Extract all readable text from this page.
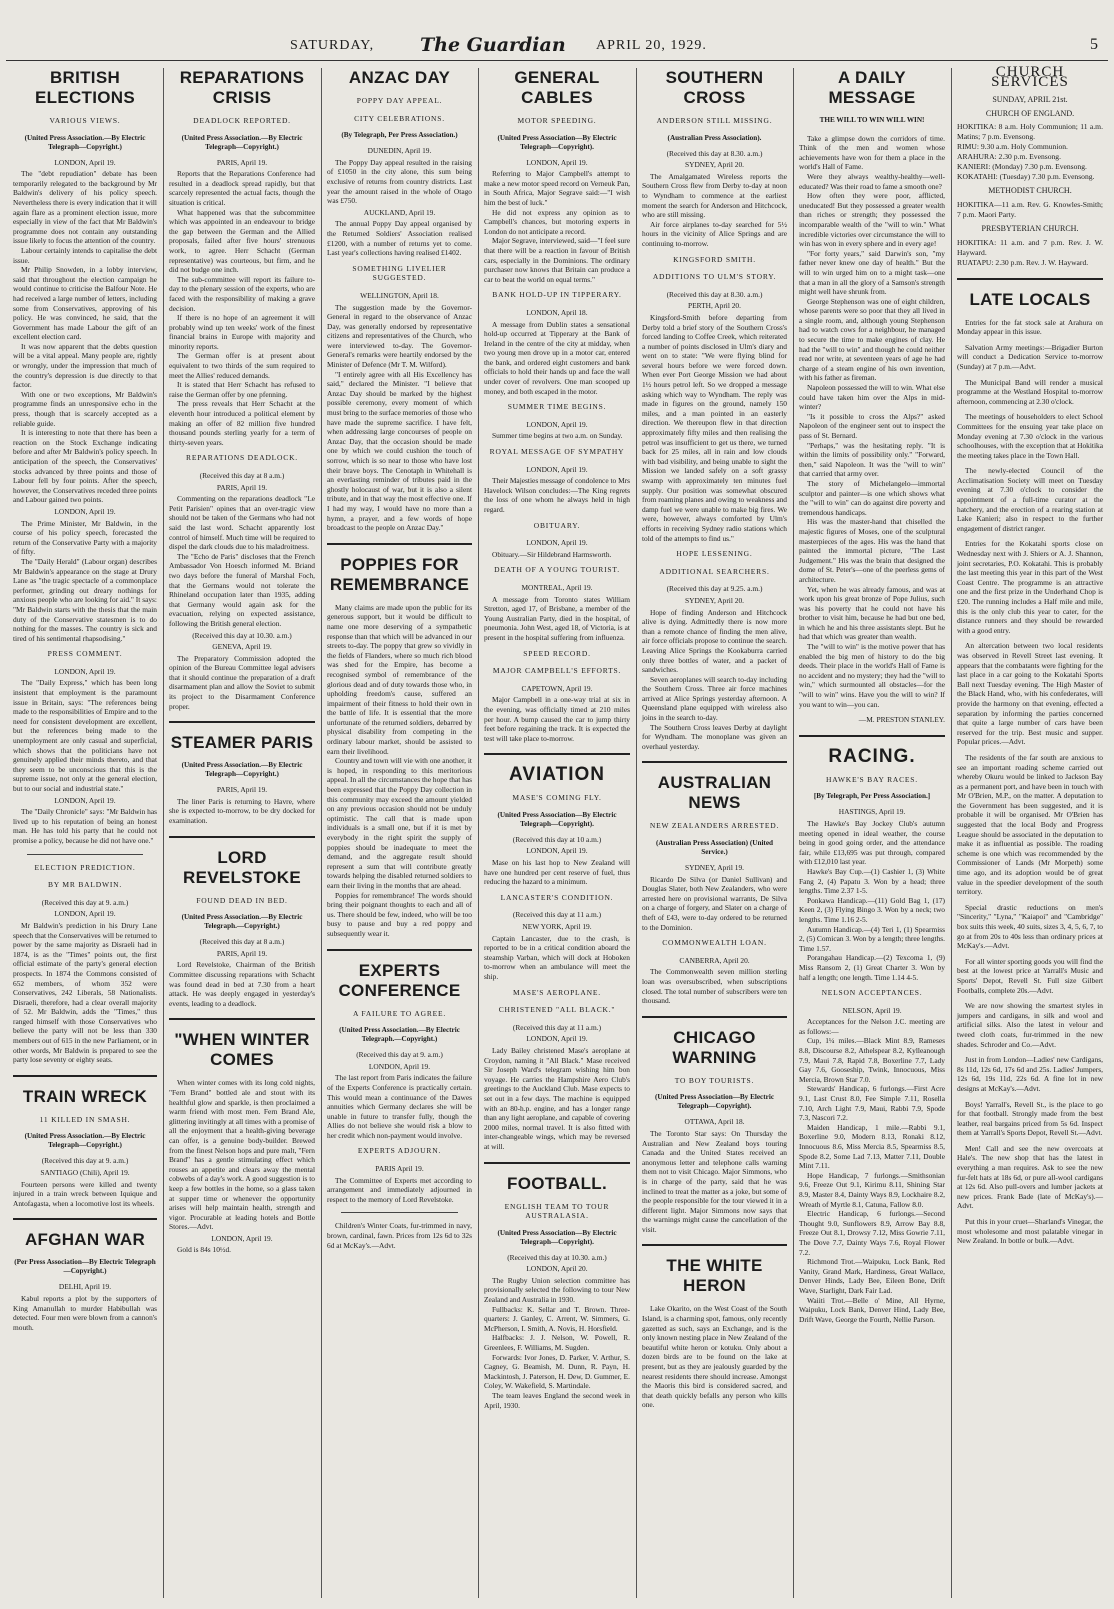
SATURDAY, The Guardian APRIL 20, 1929.	5
BRITISH ELECTIONS
VARIOUS VIEWS.
(United Press Association.—By Electric Telegraph—Copyright.)
LONDON, April 19.

The "debt repudiation" debate has been temporarily relegated to the background by Mr Baldwin's delivery of his policy speech. Nevertheless there is every indication that it will again flare as a prominent election issue, more especially in view of the fact that Mr Baldwin's programme does not contain any outstanding issue likely to focus the attention of the country.

Labour certainly intends to capitalise the debt issue.

Mr Philip Snowden, in a lobby interview, said that throughout the election campaign he would continue to criticise the Balfour Note. He had received a large number of letters, including some from Conservatives, approving of his policy. He was convinced, he said, that the Government has made Labour the gift of an excellent election card.

It was now apparent that the debts question will be a vital appeal. Many people are, rightly or wrongly, under the impression that much of the country's depression is due directly to that factor.

With one or two exceptions, Mr Baldwin's programme finds an unresponsive echo in the press, though that is scarcely accepted as a reliable guide.

It is interesting to note that there has been a reaction on the Stock Exchange indicating before and after Mr Baldwin's policy speech. In anticipation of the speech, the Conservatives' stocks advanced by three points and those of Labour fell by four points. After the speech, however, the Conservatives receded three points and Labour gained two points.

LONDON, April 19.

The Prime Minister, Mr Baldwin, in the course of his policy speech, forecasted the return of the Conservative Party with a majority of fifty.

The "Daily Herald" (Labour organ) describes Mr Baldwin's appearance on the stage at Drury Lane as "the tragic spectacle of a commonplace performer, grinding out dreary nothings for anxious people who are looking for aid." It says: "Mr Baldwin starts with the thesis that the main duty of the Conservative statesmen is to do nothing for the masses. The country is sick and tired of his sentimental rhapsodising."

PRESS COMMENT.
LONDON, April 19.

The "Daily Express," which has been long insistent that employment is the paramount issue in Britain, says: "The references being made to the responsibilities of Empire and to the need for consistent development are excellent, but the references being made to the unemployment are only casual and superficial, which shows that the politicians have not genuinely applied their minds thereto, and that they seem to be unconscious that this is the supreme issue, not only at the general election, but to our social and industrial state."

LONDON, April 19.

The "Daily Chronicle" says: "Mr Baldwin has lived up to his reputation of being an honest man. He has told his party that he could not promise a policy, because he did not have one."

ELECTION PREDICTION.
BY MR BALDWIN.
(Received this day at 9. a.m.)
LONDON, April 19.

Mr Baldwin's prediction in his Drury Lane speech that the Conservatives will be returned to power by the same majority as Disraeli had in 1874, is as the "Times" points out, the first official estimate of the party's general election prospects. In 1874 the Commons consisted of 652 members, of whom 352 were Conservatives, 242 Liberals, 58 Nationalists. Disraeli, therefore, had a clear overall majority of 52. Mr Baldwin, adds the "Times," thus ranged himself with those Conservatives who believe the party will not be less than 330 members out of 615 in the new Parliament, or in other words, Mr Baldwin is prepared to see the party lose seventy or eighty seats.

TRAIN WRECK
11 KILLED IN SMASH.
(United Press Association.—By Electric Telegraph—Copyright.)
(Received this day at 9. a.m.)
SANTIAGO (Chili), April 19.

Fourteen persons were killed and twenty injured in a train wreck between Iquique and Antofagasta, when a locomotive lost its wheels.

AFGHAN WAR
(Per Press Association—By Electric Telegraph—Copyright.)
DELHI, April 19.

Kabul reports a plot by the supporters of King Amanullah to murder Habibullah was detected. Four men were blown from a cannon's mouth.

REPARATIONS CRISIS
DEADLOCK REPORTED.
(United Press Association.—By Electric Telegraph—Copyright.)
PARIS, April 19.

Reports that the Reparations Conference had resulted in a deadlock spread rapidly, but that scarcely represented the actual facts, though the situation is critical.

What happened was that the subcommittee which was appointed in an endeavour to bridge the gap between the German and the Allied proposals, failed after five hours' strenuous work, to agree. Herr Schacht (German representative) was courteous, but firm, and he did not budge one inch.

The sub-committee will report its failure to-day to the plenary session of the experts, who are faced with the responsibility of making a grave decision.

If there is no hope of an agreement it will probably wind up ten weeks' work of the finest financial brains in Europe with majority and minority reports.

The German offer is at present about equivalent to two thirds of the sum required to meet the Allies' reduced demands.

It is stated that Herr Schacht has refused to raise the German offer by one pfenning.

The press reveals that Herr Schacht at the eleventh hour introduced a political element by making an offer of 82 million five hundred thousand pounds sterling yearly for a term of thirty-seven years.

REPARATIONS DEADLOCK.
(Received this day at 8 a.m.)
PARIS, April 19.

Commenting on the reparations deadlock "Le Petit Parisien" opines that an over-tragic view should not be taken of the Germans who had not said the last word. Schacht apparently lost control of himself. Much time will be required to dispel the dark clouds due to his maladroitness.

The "Echo de Paris" discloses that the French Ambassador Von Hoesch informed M. Briand two days before the funeral of Marshal Foch, that the Germans would not tolerate the Rhineland occupation later than 1935, adding that Germany would again ask for the evacuation, relying on expected assistance, following the British general election.

(Received this day at 10.30. a.m.)
GENEVA, April 19.

The Preparatory Commission adopted the opinion of the Bureau Committee legal advisers that it should continue the preparation of a draft disarmament plan and allow the Soviet to submit its project to the Disarmament Conference proper.

STEAMER PARIS
(United Press Association.—By Electric Telegraph—Copyright.)
PARIS, April 19.

The liner Paris is returning to Havre, where she is expected to-morrow, to be dry docked for examination.

LORD REVELSTOKE
FOUND DEAD IN BED.
(United Press Association.—By Electric Telegraph.—Copyright.)
(Received this day at 8 a.m.)
PARIS, April 19.

Lord Revelstoke, Chairman of the British Committee discussing reparations with Schacht was found dead in bed at 7.30 from a heart attack. He was deeply engaged in yesterday's events, leading to a deadlock.

"WHEN WINTER COMES

When winter comes with its long cold nights, "Fern Brand" bottled ale and stout with its healthful glow and sparkle, is then proclaimed a warm friend with most men. Fern Brand Ale, glittering invitingly at all times with a promise of all the enjoyment that a health-giving beverage can offer, is a genuine body-builder. Brewed from the finest Nelson hops and pure malt, "Fern Brand" has a gentle stimulating effect which rouses an appetite and clears away the mental cobwebs of a day's work. A good suggestion is to keep a few bottles in the home, so a glass taken at supper time or whenever the opportunity arises will help maintain health, strength and vigor. Procurable at leading hotels and Bottle Stores.—Advt.

LONDON, April 19.

Gold is 84s 10½d.

ANZAC DAY
POPPY DAY APPEAL.
CITY CELEBRATIONS.
(By Telegraph, Per Press Association.)
DUNEDIN, April 19.

The Poppy Day appeal resulted in the raising of £1050 in the city alone, this sum being exclusive of returns from country districts. Last year the amount raised in the whole of Otago was £750.

AUCKLAND, April 19.

The annual Poppy Day appeal organised by the Returned Soldiers' Association realised £1200, with a number of returns yet to come. Last year's collections having realised £1402.

SOMETHING LIVELIER SUGGESTED.
WELLINGTON, April 18.

The suggestion made by the Governor-General in regard to the observance of Anzac Day, was generally endorsed by representative citizens and representatives of the Church, who were interviewed to-day. The Governor-General's remarks were heartily endorsed by the Minister of Defence (Mr T. M. Wilford).

"I entirely agree with all His Excellency has said," declared the Minister. "I believe that Anzac Day should be marked by the highest possible ceremony, every moment of which must bring to the surface memories of those who have made the supreme sacrifice. I have felt, when addressing large concourses of people on Anzac Day, that the occasion should be made one by which we could cushion the touch of sorrow, which is so near to those who have lost their brave boys. The Cenotaph in Whitehall is an everlasting reminder of tributes paid in the ghostly holocaust of war, but it is also a silent tribute, and in that way the most effective one. If I had my way, I would have no more than a hymn, a prayer, and a few words of hope broadcast to the people on Anzac Day."

POPPIES FOR REMEMBRANCE

Many claims are made upon the public for its generous support, but it would be difficult to name one more deserving of a sympathetic response than that which will be advanced in our streets to-day. The poppy that grew so vividly in the fields of Flanders, where so much rich blood was shed for the Empire, has become a recognised symbol of remembrance of the glorious dead and of duty towards those who, in upholding freedom's cause, suffered an impairment of their fitness to hold their own in the battle of life. It is essential that the more unfortunate of the returned soldiers, debarred by physical disability from competing in the ordinary labour market, should be assisted to earn their livelihood.

Country and town will vie with one another, it is hoped, in responding to this meritorious appeal. In all the circumstances the hope that has been expressed that the Poppy Day collection in this community may exceed the amount yielded on any previous occasion should not be unduly optimistic. The call that is made upon individuals is a small one, but if it is met by everybody in the right spirit the supply of poppies should be inadequate to meet the demand, and the aggregate result should represent a sum that will contribute greatly towards helping the disabled returned soldiers to earn their living in the months that are ahead.

Poppies for remembrance! The words should bring their poignant thoughts to each and all of us. There should be few, indeed, who will be too busy to pause and buy a red poppy and subsequently wear it.

EXPERTS CONFERENCE
A FAILURE TO AGREE.
(United Press Association.—By Electric Telegraph.—Copyright.)
(Received this day at 9. a.m.)
LONDON, April 19.

The last report from Paris indicates the failure of the Experts Conference is practically certain. This would mean a continuance of the Dawes annuities which Germany declares she will be unable in future to transfer fully, though the Allies do not believe she would risk a blow to her credit which non-payment would involve.

EXPERTS ADJOURN.
PARIS April 19.

The Committee of Experts met according to arrangement and immediately adjourned in respect to the memory of Lord Revelstoke.

Children's Winter Coats, fur-trimmed in navy, brown, cardinal, fawn. Prices from 12s 6d to 32s 6d at McKay's.—Advt.

GENERAL CABLES
MOTOR SPEEDING.
(United Press Association—By Electric Telegraph—Copyright).
LONDON, April 19.

Referring to Major Campbell's attempt to make a new motor speed record on Verneuk Pan, in South Africa, Major Segrave said:—"I wish him the best of luck."

He did not express any opinion as to Campbell's chances, but motoring experts in London do not anticipate a record.

Major Segrave, interviewed, said—"I feel sure that there will be a reaction in favour of British cars, especially in the Dominions. The ordinary purchaser now knows that Britain can produce a car to beat the world on equal terms."

BANK HOLD-UP IN TIPPERARY.
LONDON, April 18.

A message from Dublin states a sensational hold-up occurred at Tipperary at the Bank of Ireland in the centre of the city at midday, when two young men drove up in a motor car, entered the bank, and ordered eight customers and bank officials to hold their hands up and face the wall under cover of revolvers. One man scooped up money, and both escaped in the motor.

SUMMER TIME BEGINS.
LONDON, April 19.

Summer time begins at two a.m. on Sunday.

ROYAL MESSAGE OF SYMPATHY
LONDON, April 19.

Their Majesties message of condolence to Mrs Havelock Wilson concludes:—The King regrets the loss of one whom he always held in high regard.

OBITUARY.
LONDON, April 19.

Obituary.—Sir Hildebrand Harmsworth.

DEATH OF A YOUNG TOURIST.
MONTREAL, April 19.

A message from Toronto states William Stretton, aged 17, of Brisbane, a member of the Young Australian Party, died in the hospital, of pneumonia. John West, aged 18, of Victoria, is at present in the hospital suffering from influenza.

SPEED RECORD.
MAJOR CAMPBELL'S EFFORTS.
CAPETOWN, April 19.

Major Campbell in a one-way trial at six in the evening, was officially timed at 210 miles per hour. A bump caused the car to jump thirty feet before regaining the track. It is expected the test will take place to-morrow.

AVIATION
MASE'S COMING FLY.
(United Press Association—By Electric Telegraph—Copyright).
(Received this day at 10 a.m.)
LONDON, April 19.

Mase on his last hop to New Zealand will have one hundred per cent reserve of fuel, thus reducing the hazard to a minimum.

LANCASTER'S CONDITION.
(Received this day at 11 a.m.)
NEW YORK, April 19.

Captain Lancaster, due to the crash, is reported to be in a critical condition aboard the steamship Varban, which will dock at Hoboken to-morrow when an ambulance will meet the ship.

MASE'S AEROPLANE.
CHRISTENED "ALL BLACK."
(Received this day at 11 a.m.)
LONDON, April 19.

Lady Bailey christened Mase's aeroplane at Croydon, naming it "All Black." Mase received Sir Joseph Ward's telegram wishing him bon voyage. He carries the Hampshire Aero Club's greetings to the Auckland Club. Mase expects to set out in a few days. The machine is equipped with an 80-h.p. engine, and has a longer range than any light aeroplane, and capable of covering 2000 miles, normal travel. It is also fitted with inter-changeable wings, which may be reversed at will.

FOOTBALL.
ENGLISH TEAM TO TOUR AUSTRALASIA.
(United Press Association—By Electric Telegraph—Copyright).
(Received this day at 10.30. a.m.)
LONDON, April 20.

The Rugby Union selection committee has provisionally selected the following to tour New Zealand and Australia in 1930.

Fullbacks: K. Sellar and T. Brown. Three-quarters: J. Ganley, C. Arrent, W. Simmers, G. McPherson, I. Smith, A. Novis, H. Horsfield.

Halfbacks: J. J. Nelson, W. Powell, R. Greenlees, F. Williams, M. Sugden.

Forwards: Ivor Jones, D. Parker, V. Arthur, S. Cagney, G. Beamish, M. Dunn, R. Payn, H. Mackintosh, J. Paterson, H. Dew, D. Gummer, E. Coley, W. Wakefield, S. Martindale.

The team leaves England the second week in April, 1930.

SOUTHERN CROSS
ANDERSON STILL MISSING.
(Australian Press Association).
(Received this day at 8.30. a.m.)
SYDNEY, April 20.

The Amalgamated Wireless reports the Southern Cross flew from Derby to-day at noon to Wyndham to commence at the earliest moment the search for Anderson and Hitchcock, who are still missing.

Air force airplanes to-day searched for 5½ hours in the vicinity of Alice Springs and are continuing to-morrow.

KINGSFORD SMITH.
ADDITIONS TO ULM'S STORY.
(Received this day at 8.30. a.m.)
PERTH, April 20.

Kingsford-Smith before departing from Derby told a brief story of the Southern Cross's forced landing to Coffee Creek, which reiterated a number of points disclosed in Ulm's diary and went on to state: "We were flying blind for several hours before we were forced down. When ever Port George Mission we had about 1½ hours petrol left. So we dropped a message asking which way to Wyndham. The reply was made in figures on the ground, namely 150 miles, and a man pointed in an easterly direction. We thereupon flew in that direction approximately fifty miles and then realising the petrol was insufficient to get us there, we turned back for 25 miles, all in rain and low clouds with bad visibility, and being unable to sight the Mission we landed safely on a soft grassy swamp with approximately ten minutes fuel supply. Our position was somewhat obscured from roaming planes and owing to weakness and damp fuel we were unable to make big fires. We were, however, always comforted by Ulm's efforts in receiving Sydney radio stations which told of the attempts to find us."

HOPE LESSENING.
ADDITIONAL SEARCHERS.
(Received this day at 9.25. a.m.)
SYDNEY, April 20.

Hope of finding Anderson and Hitchcock alive is dying. Admittedly there is now more than a remote chance of finding the men alive, air force officials propose to continue the search. Leaving Alice Springs the Kookaburra carried only three bottles of water, and a packet of sandwiches.

Seven aeroplanes will search to-day including the Southern Cross. Three air force machines arrived at Alice Springs yesterday afternoon. A Queensland plane equipped with wireless also joins in the search to-day.

The Southern Cross leaves Derby at daylight for Wyndham. The monoplane was given an overhaul yesterday.

AUSTRALIAN NEWS
NEW ZEALANDERS ARRESTED.
(Australian Press Association) (United Service.)
SYDNEY, April 19.

Ricardo De Silva (or Daniel Sullivan) and Douglas Slater, both New Zealanders, who were arrested here on provisional warrants, De Silva on a charge of forgery, and Slater on a charge of theft of £43, were to-day ordered to be returned to the Dominion.

COMMONWEALTH LOAN.
CANBERRA, April 20.

The Commonwealth seven million sterling loan was oversubscribed, when subscriptions closed. The total number of subscribers were ten thousand.

CHICAGO WARNING
TO BOY TOURISTS.
(United Press Association—By Electric Telegraph—Copyright).
OTTAWA, April 18.

The Toronto Star says: On Thursday the Australian and New Zealand boys touring Canada and the United States received an anonymous letter and telephone calls warning them not to visit Chicago. Major Simmons, who is in charge of the party, said that he was inclined to treat the matter as a joke, but some of the people responsible for the tour viewed it in a different light. Major Simmons now says that the warnings might cause the cancellation of the visit.

THE WHITE HERON

Lake Okarito, on the West Coast of the South Island, is a charming spot, famous, only recently gazetted as such, says an Exchange, and is the only known nesting place in New Zealand of the beautiful white heron or kotuku. Only about a dozen birds are to be found on the lake at present, but as they are jealously guarded by the nearest residents there should increase. Amongst the Maoris this bird is considered sacred, and that death quickly befalls any person who kills one.

A DAILY MESSAGE
THE WILL TO WIN WILL WIN!

Take a glimpse down the corridors of time. Think of the men and women whose achievements have won for them a place in the world's Hall of Fame.

Were they always wealthy-healthy—well-educated? Was their road to fame a smooth one?

How often they were poor, afflicted, uneducated! But they possessed a greater wealth than riches or strength; they possessed the incomparable wealth of the "will to win." What incredible victories over circumstance the will to win has won in every sphere and in every age!

"For forty years," said Darwin's son, "my father never knew one day of health." But the will to win urged him on to a might task—one that a man in all the glory of a Samson's strength might well have shrunk from.

George Stephenson was one of eight children, whose parents were so poor that they all lived in a single room, and, although young Stephenson had to watch cows for a neighbour, he managed to secure the time to make engines of clay. He had the "will to win" and though he could neither read nor write, at seventeen years of age he had charge of a steam engine of his own invention, with his father as fireman.

Napoleon possessed the will to win. What else could have taken him over the Alps in mid-winter?

"Is it possible to cross the Alps?" asked Napoleon of the engineer sent out to inspect the pass of St. Bernard.

"Perhaps," was the hesitating reply. "It is within the limits of possibility only." "Forward, then," said Napoleon. It was the "will to win" that carried that army over.

The story of Michelangelo—immortal sculptor and painter—is one which shows what the "will to win" can do against dire poverty and tremendous handicaps.

His was the master-hand that chiselled the majestic figures of Moses, one of the sculptural masterpieces of the ages. His was the hand that painted the immortal picture, "The Last Judgement." His was the brain that designed the dome of St. Peter's—one of the peerless gems of architecture.

Yet, when he was already famous, and was at work upon his great bronze of Pope Julius, such was his poverty that he could not have his brother to visit him, because he had but one bed, in which he and his three assistants slept. But he had that which was greater than wealth.

The "will to win" is the motive power that has enabled the big men of history to do the big deeds. Their place in the world's Hall of Fame is no accident and no mystery; they had the "will to win," which surmounted all obstacles—for the "will to win" wins. Have you the will to win? If you want to win—you can.

—M. PRESTON STANLEY.
RACING.
HAWKE'S BAY RACES.
[By Telegraph, Per Press Association.]
HASTINGS, April 19.

The Hawke's Bay Jockey Club's autumn meeting opened in ideal weather, the course being in good going order, and the attendance fair, while £13,695 was put through, compared with £12,010 last year.

Hawke's Bay Cup.—(1) Cashier 1, (3) White Fang 2, (4) Papatu 3. Won by a head; three lengths. Time 2.37 1-5.

Ponkawa Handicap.—(11) Gold Bag 1, (17) Keen 2, (3) Flying Bingo 3. Won by a neck; two lengths. Time 1.16 2-5.

Autumn Handicap.—(4) Teri 1, (1) Spearmiss 2, (5) Comican 3. Won by a length; three lengths. Time 1.57.

Porangahau Handicap.—(2) Texcoma 1, (9) Miss Ransom 2, (1) Great Charter 3. Won by half a length; one length. Time 1.14 4-5.

NELSON ACCEPTANCES.
NELSON, April 19.

Acceptances for the Nelson J.C. meeting are as follows:—

Cup, 1¼ miles.—Black Mint 8.9, Rameses 8.8, Discourse 8.2, Athelspear 8.2, Kylleanough 7.9, Maui 7.8, Rapid 7.8, Boxerline 7.7, Lady Gay 7.6, Gooseship, Twink, Innocuous, Miss Mercia, Brown Star 7.0.

Stewards' Handicap, 6 furlongs.—First Acre 9.1, Last Crust 8.0, Fee Simple 7.11, Rosella 7.10, Arch Light 7.9, Maui, Rabbi 7.9, Spode 7.3, Nascori 7.2.

Maiden Handicap, 1 mile.—Rabbi 9.1, Boxerline 9.0, Modern 8.13, Ronaki 8.12, Innocuous 8.6, Miss Mercia 8.5, Spearmiss 8.5, Spode 8.2, Some Lad 7.13, Matter 7.11, Double Mint 7.11.

Hope Handicap, 7 furlongs.—Smithsonian 9.6, Freeze Out 9.1, Kirimu 8.11, Shining Star 8.9, Master 8.4, Dainty Ways 8.9, Lockhaire 8.2, Wreath of Myrtle 8.1, Catuna, Fallow 8.0.

Electric Handicap, 6 furlongs.—Second Thought 9.0, Sunflowers 8.9, Arrow Bay 8.8, Freeze Out 8.1, Drowsy 7.12, Miss Gowrie 7.11, The Dove 7.7, Dainty Ways 7.6, Royal Flower 7.2.

Richmond Trot.—Waipuku, Lock Bank, Red Vanity, Grand Mark, Hardiness, Great Wallace, Denver Hinds, Lady Bee, Eileen Bone, Drift Wave, Starlight, Dark Fair Lad.

Waiiti Trot.—Belle o' Mine, All Hyrne, Waipuku, Lock Bank, Denver Hind, Lady Bee, Drift Wave, George the Fourth, Nellie Parson.

CHURCH SERVICES
SUNDAY, APRIL 21st.
CHURCH OF ENGLAND.

HOKITIKA: 8 a.m. Holy Communion; 11 a.m. Matins; 7 p.m. Evensong.

RIMU: 9.30 a.m. Holy Communion.

ARAHURA: 2.30 p.m. Evensong.

KANIERI: (Monday) 7.30 p.m. Evensong.

KOKATAHI: (Tuesday) 7.30 p.m. Evensong.

METHODIST CHURCH.

HOKITIKA—11 a.m. Rev. G. Knowles-Smith; 7 p.m. Maori Party.

PRESBYTERIAN CHURCH.

HOKITIKA: 11 a.m. and 7 p.m. Rev. J. W. Hayward.

RUATAPU: 2.30 p.m. Rev. J. W. Hayward.

LATE LOCALS

Entries for the fat stock sale at Arahura on Monday appear in this issue.

Salvation Army meetings:—Brigadier Burton will conduct a Dedication Service to-morrow (Sunday) at 7 p.m.—Advt.

The Municipal Band will render a musical programme at the Westland Hospital to-morrow afternoon, commencing at 2.30 o'clock.

The meetings of householders to elect School Committees for the ensuing year take place on Monday evening at 7.30 o'clock in the various schoolhouses, with the exception that at Hokitika the meeting takes place in the Town Hall.

The newly-elected Council of the Acclimatisation Society will meet on Tuesday evening at 7.30 o'clock to consider the appointment of a full-time curator at the hatchery, and the erection of a rearing station at Lake Kanieri; also in respect to the further engagement of district ranger.

Entries for the Kokatahi sports close on Wednesday next with J. Shiers or A. J. Shannon, joint secretaries, P.O. Kokatahi. This is probably the last meeting this year in this part of the West Coast Centre. The programme is an attractive one and the first prize in the Underhand Chop is £20. The running includes a Half mile and mile, this is the only club this year to cater, for the distance runners and they should be rewarded with a good entry.

An altercation between two local residents was observed in Revell Street last evening. It appears that the combatants were fighting for the last place in a car going to the Kokatahi Sports Ball next Tuesday evening. The High Master of the Black Hand, who, with his confederates, will provide the harmony on that evening, effected a separation by informing the parties concerned that quite a large number of cars have been reserved for the trip. Best music and supper. Popular prices.—Advt.

The residents of the far south are anxious to see an important roading scheme carried out whereby Okuru would be linked to Jackson Bay as a permanent port, and have been in touch with Mr O'Brien, M.P., on the matter. A deputation to the Government has been suggested, and it is probable it will be organised. Mr O'Brien has suggested that the local Body and Progress League should be associated in the deputation to make it as influential as possible. The roading scheme is one which was recommended by the Commissioner of Lands (Mr Morpeth) some time ago, and its adoption would be of great value in the speedier development of the south territory.

Special drastic reductions on men's "Sincerity," "Lyna," "Kaiapoi" and "Cambridge" box suits this week, 40 suits, sizes 3, 4, 5, 6, 7, to go at from 20s to 40s less than ordinary prices at McKay's.—Advt.

For all winter sporting goods you will find the best at the lowest price at Yarrall's Music and Sports' Depot, Revell St. Full size Gilbert Footballs, complete 20s.—Advt.

We are now showing the smartest styles in jumpers and cardigans, in silk and wool and artificial silks. Also the latest in velour and tweed cloth coats, fur-trimmed in the new shades. Schroder and Co.—Advt.

Just in from London—Ladies' new Cardigans, 8s 11d, 12s 6d, 17s 6d and 25s. Ladies' Jumpers, 12s 6d, 19s 11d, 22s 6d. A fine lot in new designs at McKay's.—Advt.

Boys! Yarrall's, Revell St., is the place to go for that football. Strongly made from the best leather, real bargains priced from 5s 6d. Inspect them at Yarrall's Sports Depot, Revell St.—Advt.

Men! Call and see the new overcoats at Hale's. The new shop that has the latest in everything a man requires. Ask to see the new fur-felt hats at 18s 6d, or pure all-wool cardigans at 12s 6d. Also pull-overs and lumber jackets at new prices. Frank Bade (late of McKay's).—Advt.

Put this in your cruet—Sharland's Vinegar, the most wholesome and most palatable vinegar in New Zealand. In bottle or bulk.—Advt.
